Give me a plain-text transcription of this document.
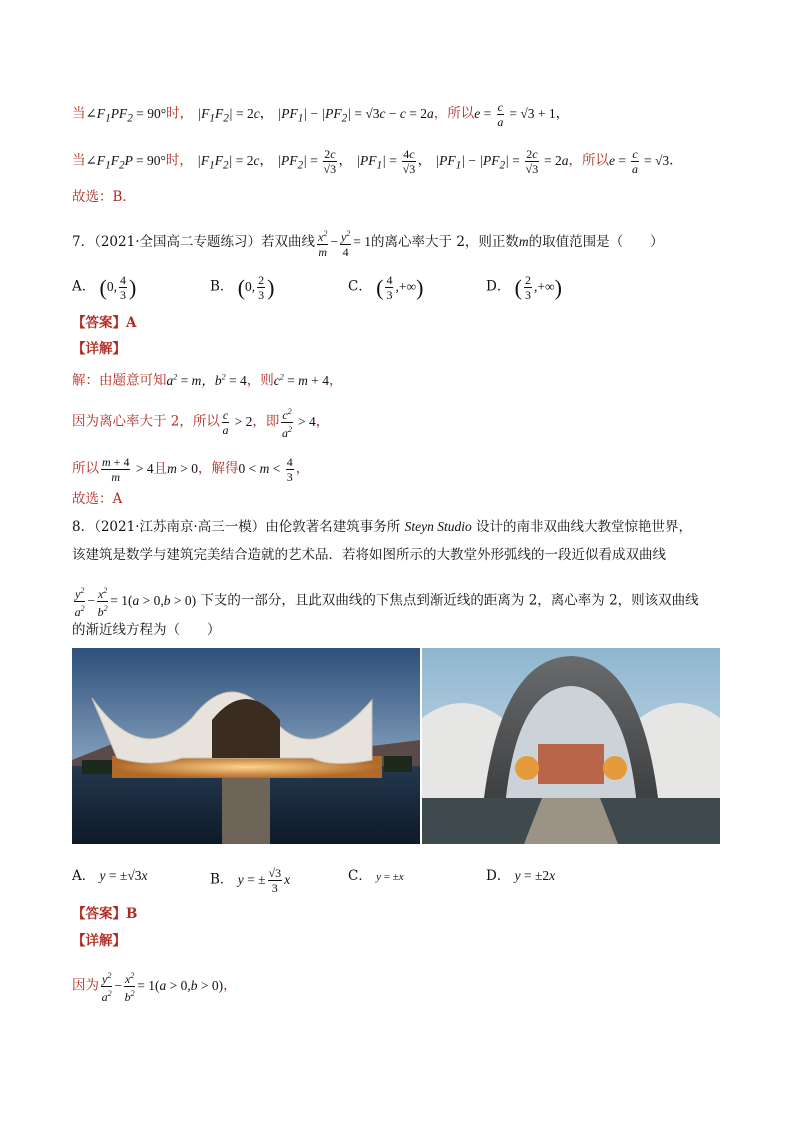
当$\angle F_1PF_2 = 90^\circ$时， $|F_1F_2| = 2c$， $|PF_1| - |PF_2| = √3c - c = 2a$，所以$e = \frac{c}{a} = √3 + 1$，
当$\angle F_1F_2P = 90^\circ$时， $|F_1F_2| = 2c$， $|PF_2| = \frac{2c}{√3}$ ， $|PF_1| = \frac{4c}{√3}$ ， $|PF_1| - |PF_2| = \frac{2c}{√3} = 2a$，所以$e = \frac{c}{a} = √3$．
故选：B．
7．（2021·全国高二专题练习）若双曲线 $\frac{x^2}{m} - \frac{y^2}{4} = 1$的离心率大于 2，则正数m的取值范围是（　　）
A． (0, $\frac{4}{3}$ )	B． (0, $\frac{2}{3}$ )	C． ( $\frac{4}{3}$ ,+∞)	D． ( $\frac{2}{3}$ ,+∞)
【答案】A
【详解】
解：由题意可知$a^2 = m$，$b^2 = 4$，则$c^2 = m + 4$，
因为离心率大于 2，所以 $\frac{c}{a} > 2$，即 $\frac{c^2}{a^2} > 4$，
所以 $\frac{m + 4}{m} > 4$且m > 0，解得$0 < m < \frac{4}{3}$ ，
故选：A
8．（2021·江苏南京·高三一模）由伦敦著名建筑事务所 Steyn Studio 设计的南非双曲线大教堂惊艳世界，
该建筑是数学与建筑完美结合造就的艺术品．若将如图所示的大教堂外形弧线的一段近似看成双曲线
$\frac{y^2}{a^2} - \frac{x^2}{b^2} = 1(a > 0,b > 0)$ 下支的一部分，且此双曲线的下焦点到渐近线的距离为 2，离心率为 2，则该双曲线
的渐近线方程为（　　）
A． y = ±√3x	B． y = ± $\frac{√3}{3}$ x	C． y = ±x	D． y = ±2x
【答案】B
【详解】
因为 $\frac{y^2}{a^2} - \frac{x^2}{b^2} = 1(a > 0,b > 0)$，
